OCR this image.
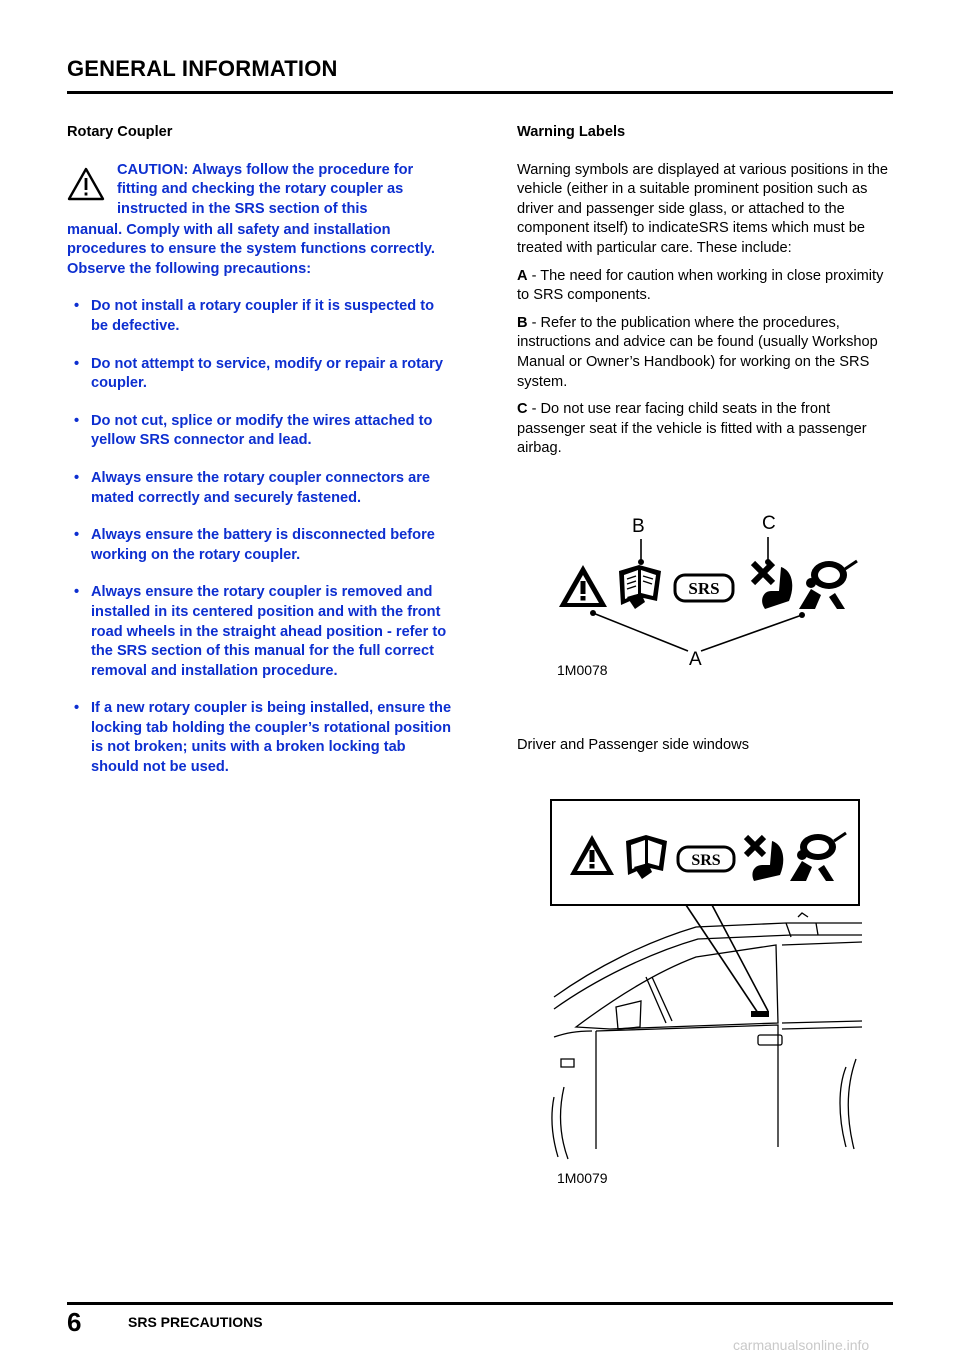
GENERAL INFORMATION

Rotary Coupler

CAUTION: Always follow the procedure for fitting and checking the rotary coupler as instructed in the SRS section of this

manual. Comply with all safety and installation procedures to ensure the system functions correctly. Observe the following precautions:

• Do not install a rotary coupler if it is suspected to be defective.
• Do not attempt to service, modify or repair a rotary coupler.
• Do not cut, splice or modify the wires attached to yellow SRS connector and lead.
• Always ensure the rotary coupler connectors are mated correctly and securely fastened.
• Always ensure the battery is disconnected before working on the rotary coupler.
• Always ensure the rotary coupler is removed and installed in its centered position and with the front road wheels in the straight ahead position - refer to the SRS section of this manual for the full correct removal and installation procedure.
• If a new rotary coupler is being installed, ensure the locking tab holding the coupler’s rotational position is not broken; units with a broken locking tab should not be used.

Warning Labels

Warning symbols are displayed at various positions in the vehicle (either in a suitable prominent position such as driver and passenger side glass, or attached to the component itself) to indicateSRS items which must be treated with particular care. These include:

A - The need for caution when working in close proximity to SRS components.

B - Refer to the publication where the procedures, instructions and advice can be found (usually Workshop Manual or Owner’s Handbook) for working on the SRS system.

C - Do not use rear facing child seats in the front passenger seat if the vehicle is fitted with a passenger airbag.

B	C
A
SRS
1M0078
Driver and Passenger side windows
SRS
1M0079
6	SRS PRECAUTIONS
carmanualsonline.info
